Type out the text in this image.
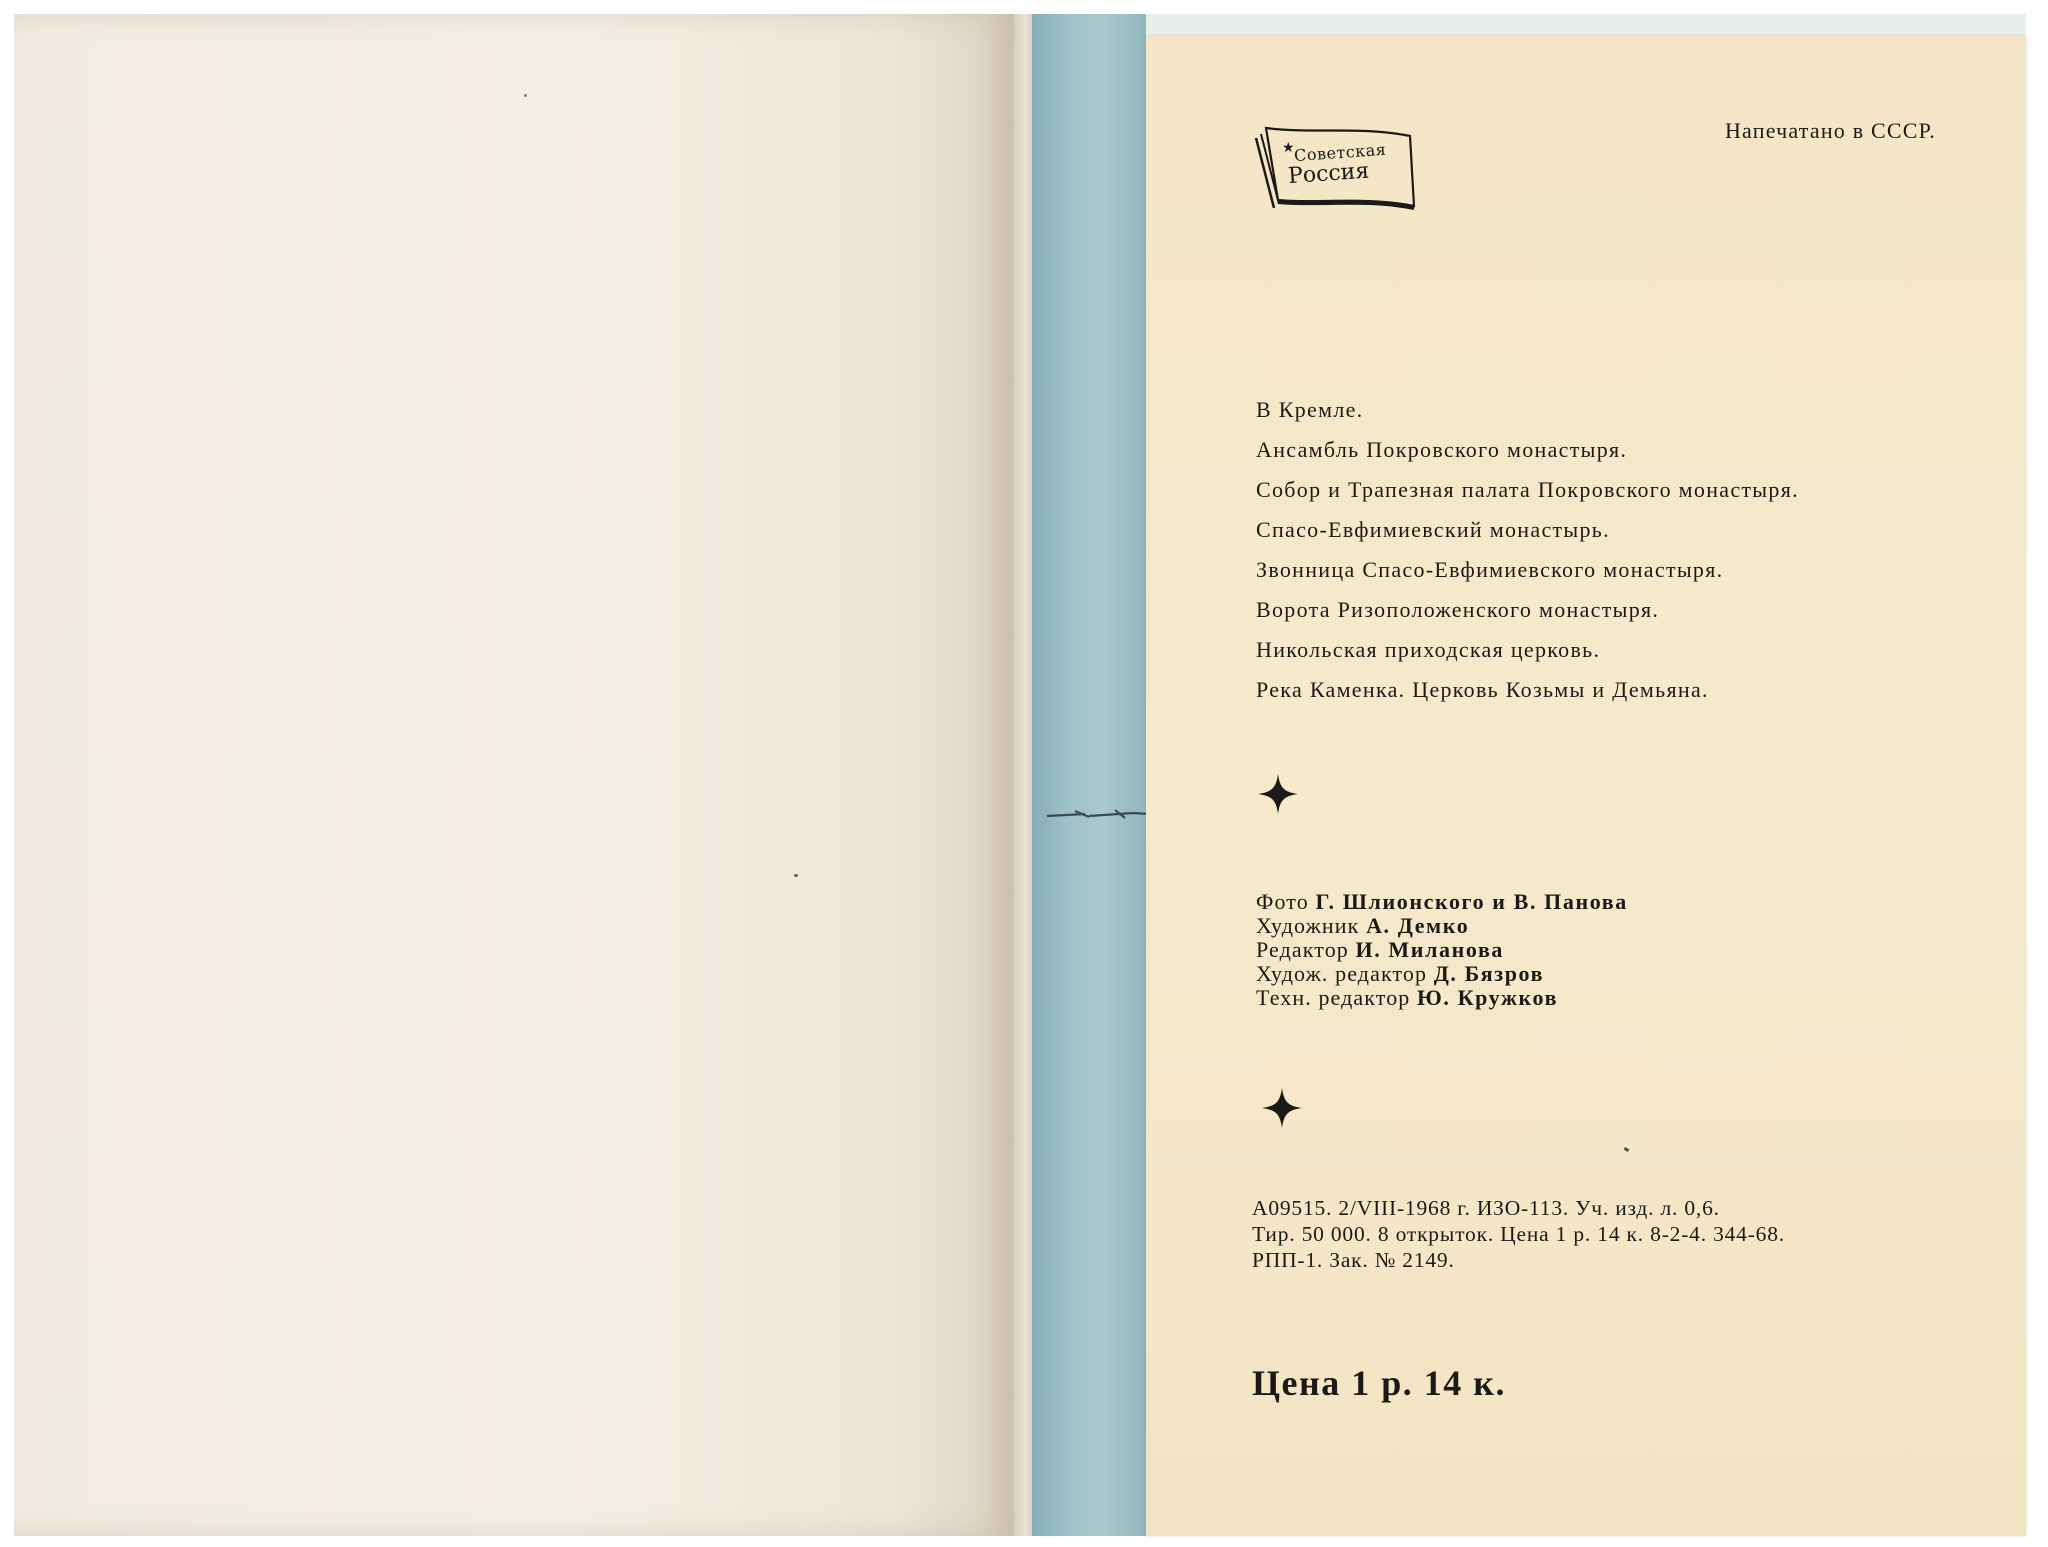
★
Советская
Россия
Напечатано в СССР.
В Кремле.
Ансамбль Покровского монастыря.
Собор и Трапезная палата Покровского монастыря.
Спасо-Евфимиевский монастырь.
Звонница Спасо-Евфимиевского монастыря.
Ворота Ризоположенского монастыря.
Никольская приходская церковь.
Река Каменка. Церковь Козьмы и Демьяна.
Фото Г. Шлионского и В. Панова
Художник А. Демко
Редактор И. Миланова
Худож. редактор Д. Бязров
Техн. редактор Ю. Кружков
А09515. 2/VIII-1968 г. ИЗО-113. Уч. изд. л. 0,6.
Тир. 50 000. 8 открыток. Цена 1 р. 14 к. 8-2-4. 344-68.
РПП-1. Зак. № 2149.
Цена 1 р. 14 к.
